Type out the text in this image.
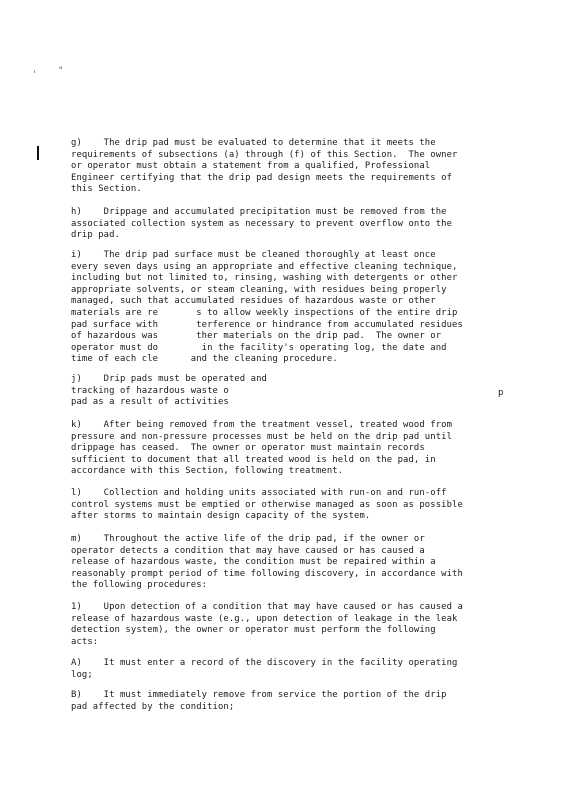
' "
g)    The drip pad must be evaluated to determine that it meets the
requirements of subsections (a) through (f) of this Section.  The owner
or operator must obtain a statement from a qualified, Professional
Engineer certifying that the drip pad design meets the requirements of
this Section.
h)    Drippage and accumulated precipitation must be removed from the
associated collection system as necessary to prevent overflow onto the
drip pad.
i)    The drip pad surface must be cleaned thoroughly at least once
every seven days using an appropriate and effective cleaning technique,
including but not limited to, rinsing, washing with detergents or other
appropriate solvents, or steam cleaning, with residues being properly
managed, such that accumulated residues of hazardous waste or other
materials are re       s to allow weekly inspections of the entire drip
pad surface with       terference or hindrance from accumulated residues
of hazardous was       ther materials on the drip pad.  The owner or
operator must do        in the facility's operating log, the date and
time of each cle      and the cleaning procedure.
j)    Drip pads must be operated and
tracking of hazardous waste o
pad as a result of activities
p
k)    After being removed from the treatment vessel, treated wood from
pressure and non-pressure processes must be held on the drip pad until
drippage has ceased.  The owner or operator must maintain records
sufficient to document that all treated wood is held on the pad, in
accordance with this Section, following treatment.
l)    Collection and holding units associated with run-on and run-off
control systems must be emptied or otherwise managed as soon as possible
after storms to maintain design capacity of the system.
m)    Throughout the active life of the drip pad, if the owner or
operator detects a condition that may have caused or has caused a
release of hazardous waste, the condition must be repaired within a
reasonably prompt period of time following discovery, in accordance with
the following procedures:
1)    Upon detection of a condition that may have caused or has caused a
release of hazardous waste (e.g., upon detection of leakage in the leak
detection system), the owner or operator must perform the following
acts:
A)    It must enter a record of the discovery in the facility operating
log;
B)    It must immediately remove from service the portion of the drip
pad affected by the condition;
